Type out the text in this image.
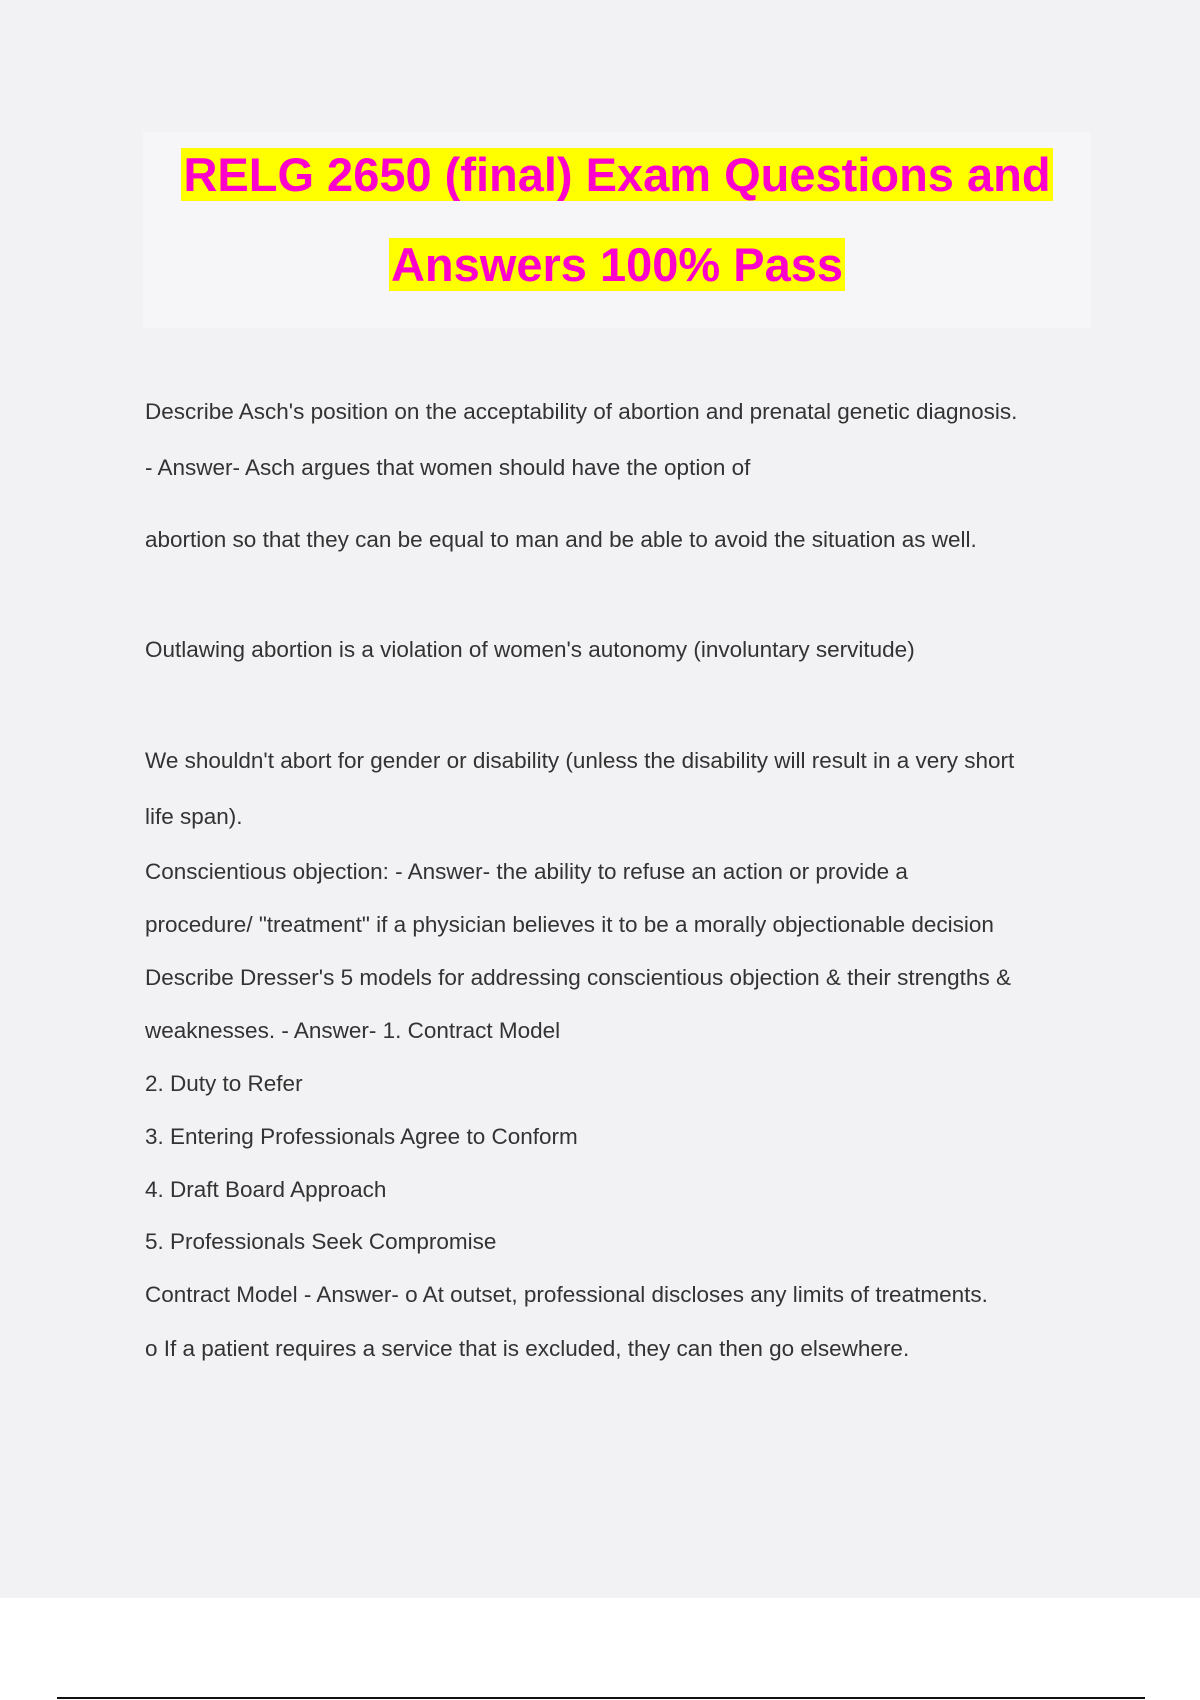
RELG 2650 (final) Exam Questions and
Answers 100% Pass
Describe Asch's position on the acceptability of abortion and prenatal genetic diagnosis.
- Answer- Asch argues that women should have the option of
abortion so that they can be equal to man and be able to avoid the situation as well.
Outlawing abortion is a violation of women's autonomy (involuntary servitude)
We shouldn't abort for gender or disability (unless the disability will result in a very short
life span).
Conscientious objection: - Answer- the ability to refuse an action or provide a
procedure/ "treatment" if a physician believes it to be a morally objectionable decision
Describe Dresser's 5 models for addressing conscientious objection & their strengths &
weaknesses. - Answer- 1. Contract Model
2. Duty to Refer
3. Entering Professionals Agree to Conform
4. Draft Board Approach
5. Professionals Seek Compromise
Contract Model - Answer- o At outset, professional discloses any limits of treatments.
o If a patient requires a service that is excluded, they can then go elsewhere.
